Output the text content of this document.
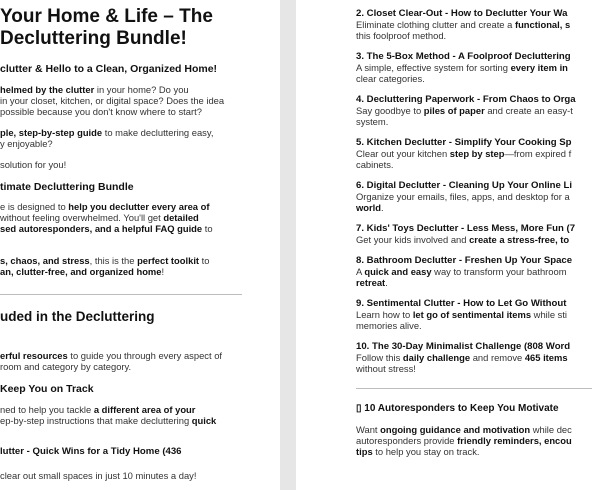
Your Home & Life – The
Decluttering Bundle!
clutter & Hello to a Clean, Organized Home!
helmed by the clutter in your home? Do you
in your closet, kitchen, or digital space? Does the idea
possible because you don't know where to start?
ple, step-by-step guide to make decluttering easy,
y enjoyable?
solution for you!
timate Decluttering Bundle
e is designed to help you declutter every area of
without feeling overwhelmed. You'll get detailed
sed autoresponders, and a helpful FAQ guide to
s, chaos, and stress, this is the perfect toolkit to
an, clutter-free, and organized home!
uded in the Decluttering
erful resources to guide you through every aspect of
room and category by category.
Keep You on Track
ned to help you tackle a different area of your
ep-by-step instructions that make decluttering quick
lutter - Quick Wins for a Tidy Home (436
clear out small spaces in just 10 minutes a day!
2. Closet Clear-Out - How to Declutter Your Wa
Eliminate clothing clutter and create a functional, s
this foolproof method.
3. The 5-Box Method - A Foolproof Decluttering
A simple, effective system for sorting every item in
clear categories.
4. Decluttering Paperwork - From Chaos to Orga
Say goodbye to piles of paper and create an easy-t
system.
5. Kitchen Declutter - Simplify Your Cooking Sp
Clear out your kitchen step by step—from expired f
cabinets.
6. Digital Declutter - Cleaning Up Your Online Li
Organize your emails, files, apps, and desktop for a
world.
7. Kids' Toys Declutter - Less Mess, More Fun (7
Get your kids involved and create a stress-free, to
8. Bathroom Declutter - Freshen Up Your Space
A quick and easy way to transform your bathroom
retreat.
9. Sentimental Clutter - How to Let Go Without
Learn how to let go of sentimental items while sti
memories alive.
10. The 30-Day Minimalist Challenge (808 Word
Follow this daily challenge and remove 465 items
without stress!
▯ 10 Autoresponders to Keep You Motivate
Want ongoing guidance and motivation while dec
autoresponders provide friendly reminders, encou
tips to help you stay on track.
